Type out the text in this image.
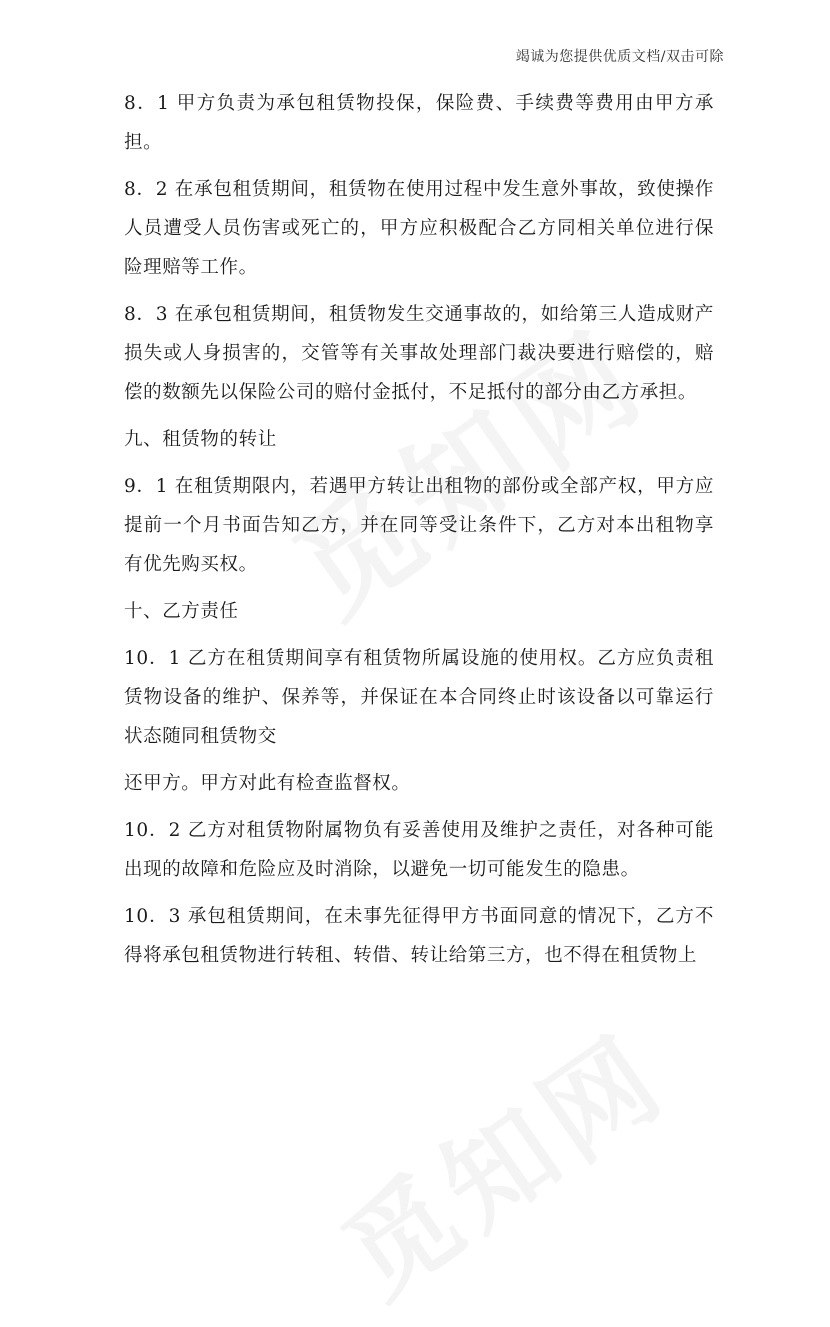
竭诚为您提供优质文档/双击可除

8．1 甲方负责为承包租赁物投保，保险费、手续费等费用由甲方承担。

8．2 在承包租赁期间，租赁物在使用过程中发生意外事故，致使操作人员遭受人员伤害或死亡的，甲方应积极配合乙方同相关单位进行保险理赔等工作。

8．3 在承包租赁期间，租赁物发生交通事故的，如给第三人造成财产损失或人身损害的，交管等有关事故处理部门裁决要进行赔偿的，赔偿的数额先以保险公司的赔付金抵付，不足抵付的部分由乙方承担。

九、租赁物的转让

9．1 在租赁期限内，若遇甲方转让出租物的部份或全部产权，甲方应提前一个月书面告知乙方，并在同等受让条件下，乙方对本出租物享有优先购买权。

十、乙方责任

10．1 乙方在租赁期间享有租赁物所属设施的使用权。乙方应负责租赁物设备的维护、保养等，并保证在本合同终止时该设备以可靠运行状态随同租赁物交

还甲方。甲方对此有检查监督权。

10．2 乙方对租赁物附属物负有妥善使用及维护之责任，对各种可能出现的故障和危险应及时消除，以避免一切可能发生的隐患。

10．3 承包租赁期间，在未事先征得甲方书面同意的情况下，乙方不得将承包租赁物进行转租、转借、转让给第三方，也不得在租赁物上
